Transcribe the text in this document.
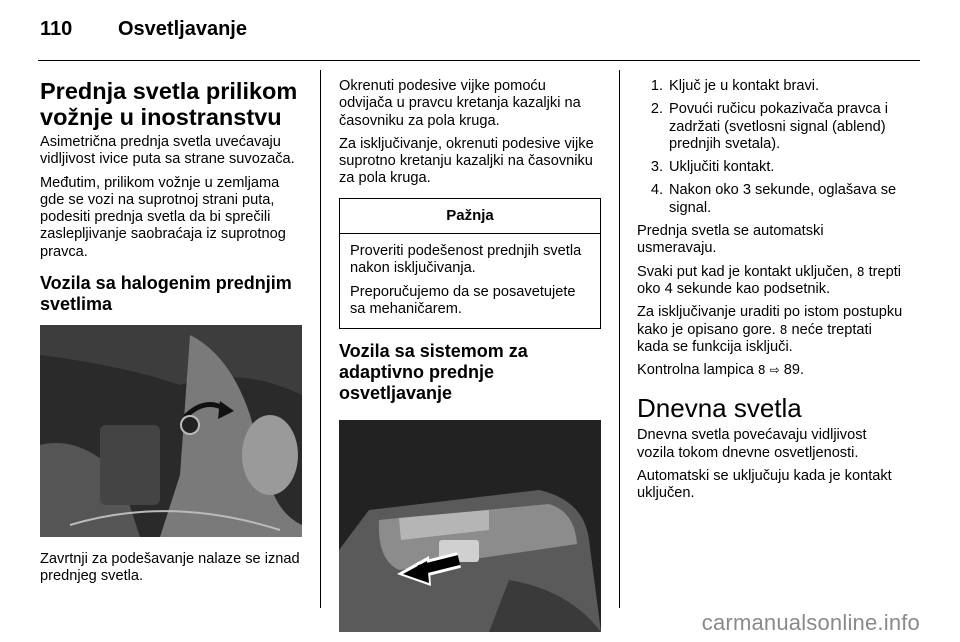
110 Osvetljavanje
Prednja svetla prilikom vožnje u inostranstvu

Asimetrična prednja svetla uvećavaju vidljivost ivice puta sa strane suvozača.

Međutim, prilikom vožnje u zemljama gde se vozi na suprotnoj strani puta, podesiti prednja svetla da bi sprečili zaslepljivanje saobraćaja iz suprotnog pravca.

Vozila sa halogenim prednjim svetlima

Zavrtnji za podešavanje nalaze se iznad prednjeg svetla.

Okrenuti podesive vijke pomoću odvijača u pravcu kretanja kazaljki na časovniku za pola kruga.

Za isključivanje, okrenuti podesive vijke suprotno kretanju kazaljki na časovniku za pola kruga.

Pažnja

Proveriti podešenost prednjih svetla nakon isključivanja.

Preporučujemo da se posavetujete sa mehaničarem.

Vozila sa sistemom za adaptivno prednje osvetljavanje
1. Ključ je u kontakt bravi.
2. Povući ručicu pokazivača pravca i zadržati (svetlosni signal (ablend) prednjih svetala).
3. Uključiti kontakt.
4. Nakon oko 3 sekunde, oglašava se signal.

Prednja svetla se automatski usmeravaju.

Svaki put kad je kontakt uključen, 8 trepti oko 4 sekunde kao podsetnik.

Za isključivanje uraditi po istom postupku kako je opisano gore. 8 neće treptati kada se funkcija isključi.

Kontrolna lampica 8 ⇨ 89.

Dnevna svetla

Dnevna svetla povećavaju vidljivost vozila tokom dnevne osvetljenosti.

Automatski se uključuju kada je kontakt uključen.

carmanualsonline.info
